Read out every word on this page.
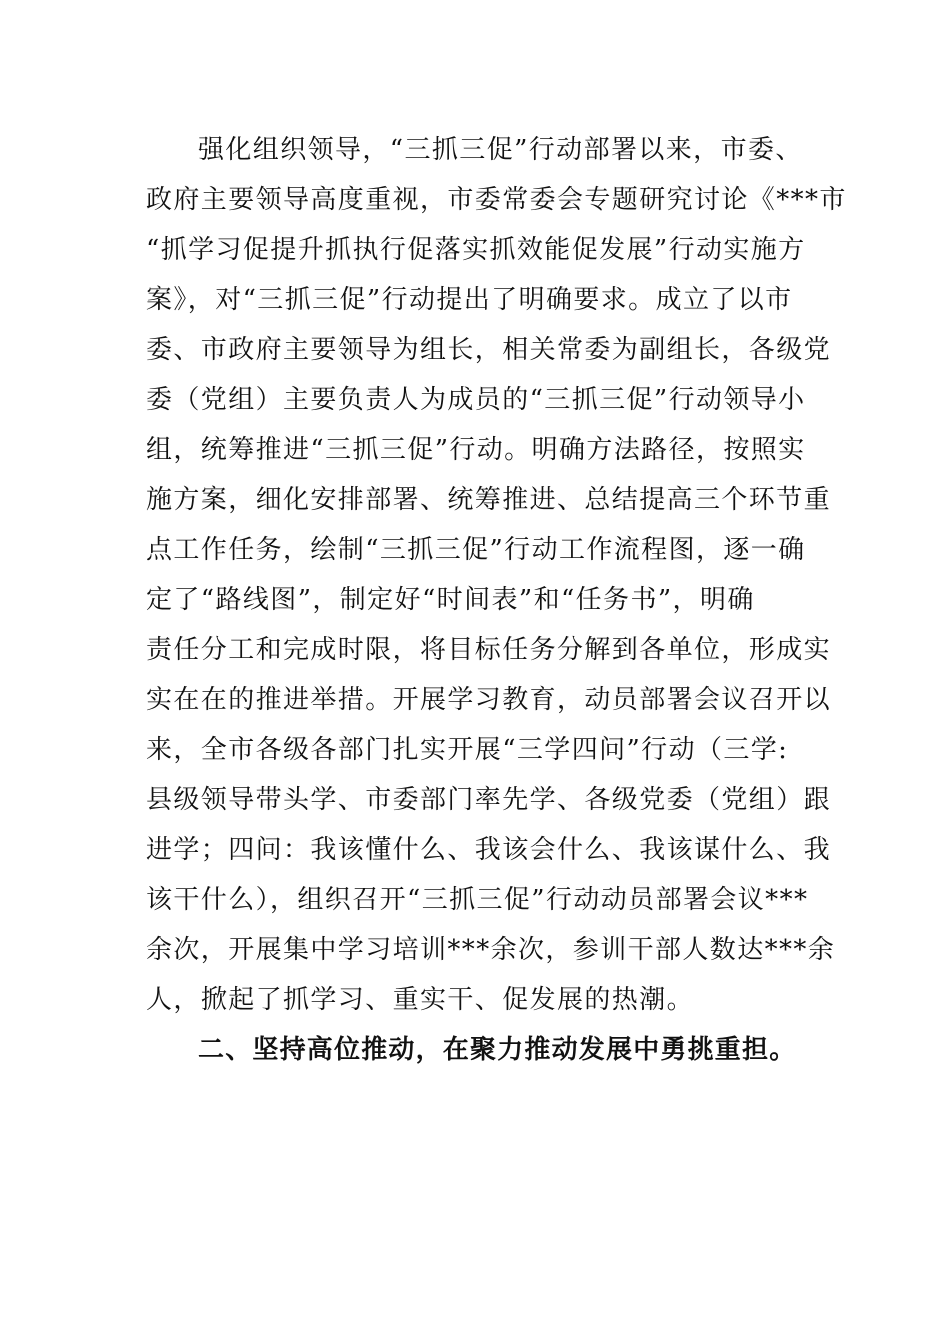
强化组织领导，“三抓三促”行动部署以来，市委、
政府主要领导高度重视，市委常委会专题研究讨论《***市
“抓学习促提升抓执行促落实抓效能促发展”行动实施方
案》，对“三抓三促”行动提出了明确要求。成立了以市
委、市政府主要领导为组长，相关常委为副组长，各级党
委（党组）主要负责人为成员的“三抓三促”行动领导小
组，统筹推进“三抓三促”行动。明确方法路径，按照实
施方案，细化安排部署、统筹推进、总结提高三个环节重
点工作任务，绘制“三抓三促”行动工作流程图，逐一确
定了“路线图”，制定好“时间表”和“任务书”，明确
责任分工和完成时限，将目标任务分解到各单位，形成实
实在在的推进举措。开展学习教育，动员部署会议召开以
来，全市各级各部门扎实开展“三学四问”行动（三学:
县级领导带头学、市委部门率先学、各级党委（党组）跟
进学；四问：我该懂什么、我该会什么、我该谋什么、我
该干什么），组织召开“三抓三促”行动动员部署会议***
余次，开展集中学习培训***余次，参训干部人数达***余
人，掀起了抓学习、重实干、促发展的热潮。
二、坚持高位推动，在聚力推动发展中勇挑重担。
